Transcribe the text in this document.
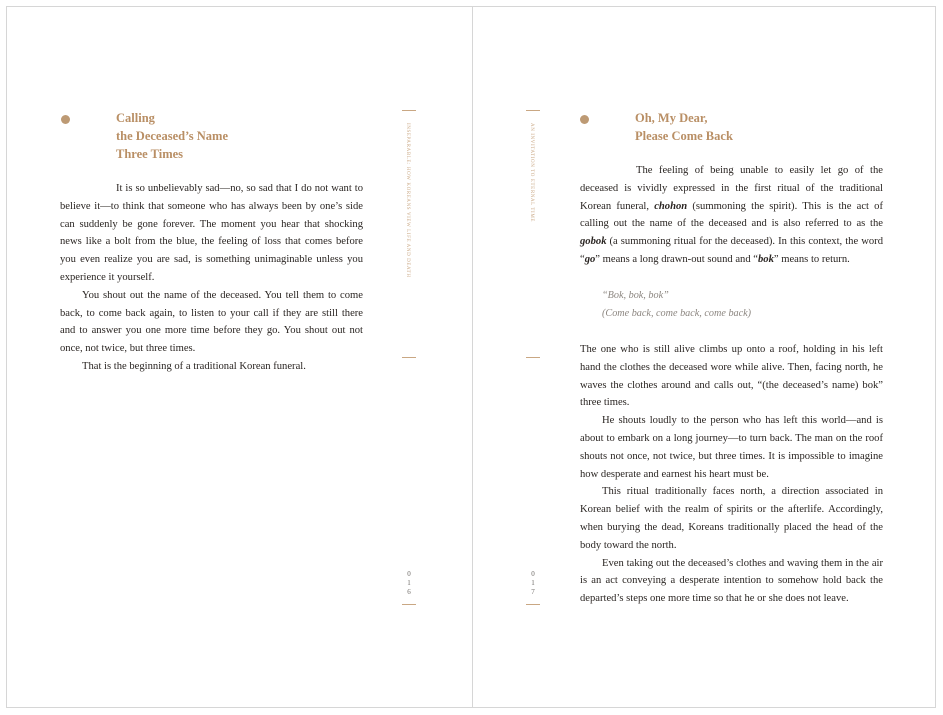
Calling
the Deceased’s Name
Three Times

It is so unbelievably sad—no, so sad that I do not want to believe it—to think that someone who has always been by one’s side can suddenly be gone forever. The moment you hear that shocking news like a bolt from the blue, the feeling of loss that comes before you even realize you are sad, is something unimaginable unless you experience it yourself.

You shout out the name of the deceased. You tell them to come back, to come back again, to listen to your call if they are still there and to answer you one more time before they go. You shout out not once, not twice, but three times.

That is the beginning of a traditional Korean funeral.

INSEPARABLE: HOW KOREANS VIEW LIFE AND DEATH
0
1
6
AN INVITATION TO ETERNAL TIME
0
1
7
Oh, My Dear,
Please Come Back

The feeling of being unable to easily let go of the deceased is vividly expressed in the first ritual of the traditional Korean funeral, chohon (summoning the spirit). This is the act of calling out the name of the deceased and is also referred to as the gobok (a summoning ritual for the deceased). In this context, the word “go” means a long drawn-out sound and “bok” means to return.

“Bok, bok, bok”
(Come back, come back, come back)

The one who is still alive climbs up onto a roof, holding in his left hand the clothes the deceased wore while alive. Then, facing north, he waves the clothes around and calls out, “(the deceased’s name) bok” three times.

He shouts loudly to the person who has left this world—and is about to embark on a long journey—to turn back. The man on the roof shouts not once, not twice, but three times. It is impossible to imagine how desperate and earnest his heart must be.

This ritual traditionally faces north, a direction associated in Korean belief with the realm of spirits or the afterlife. Accordingly, when burying the dead, Koreans traditionally placed the head of the body toward the north.

Even taking out the deceased’s clothes and waving them in the air is an act conveying a desperate intention to somehow hold back the departed’s steps one more time so that he or she does not leave.
